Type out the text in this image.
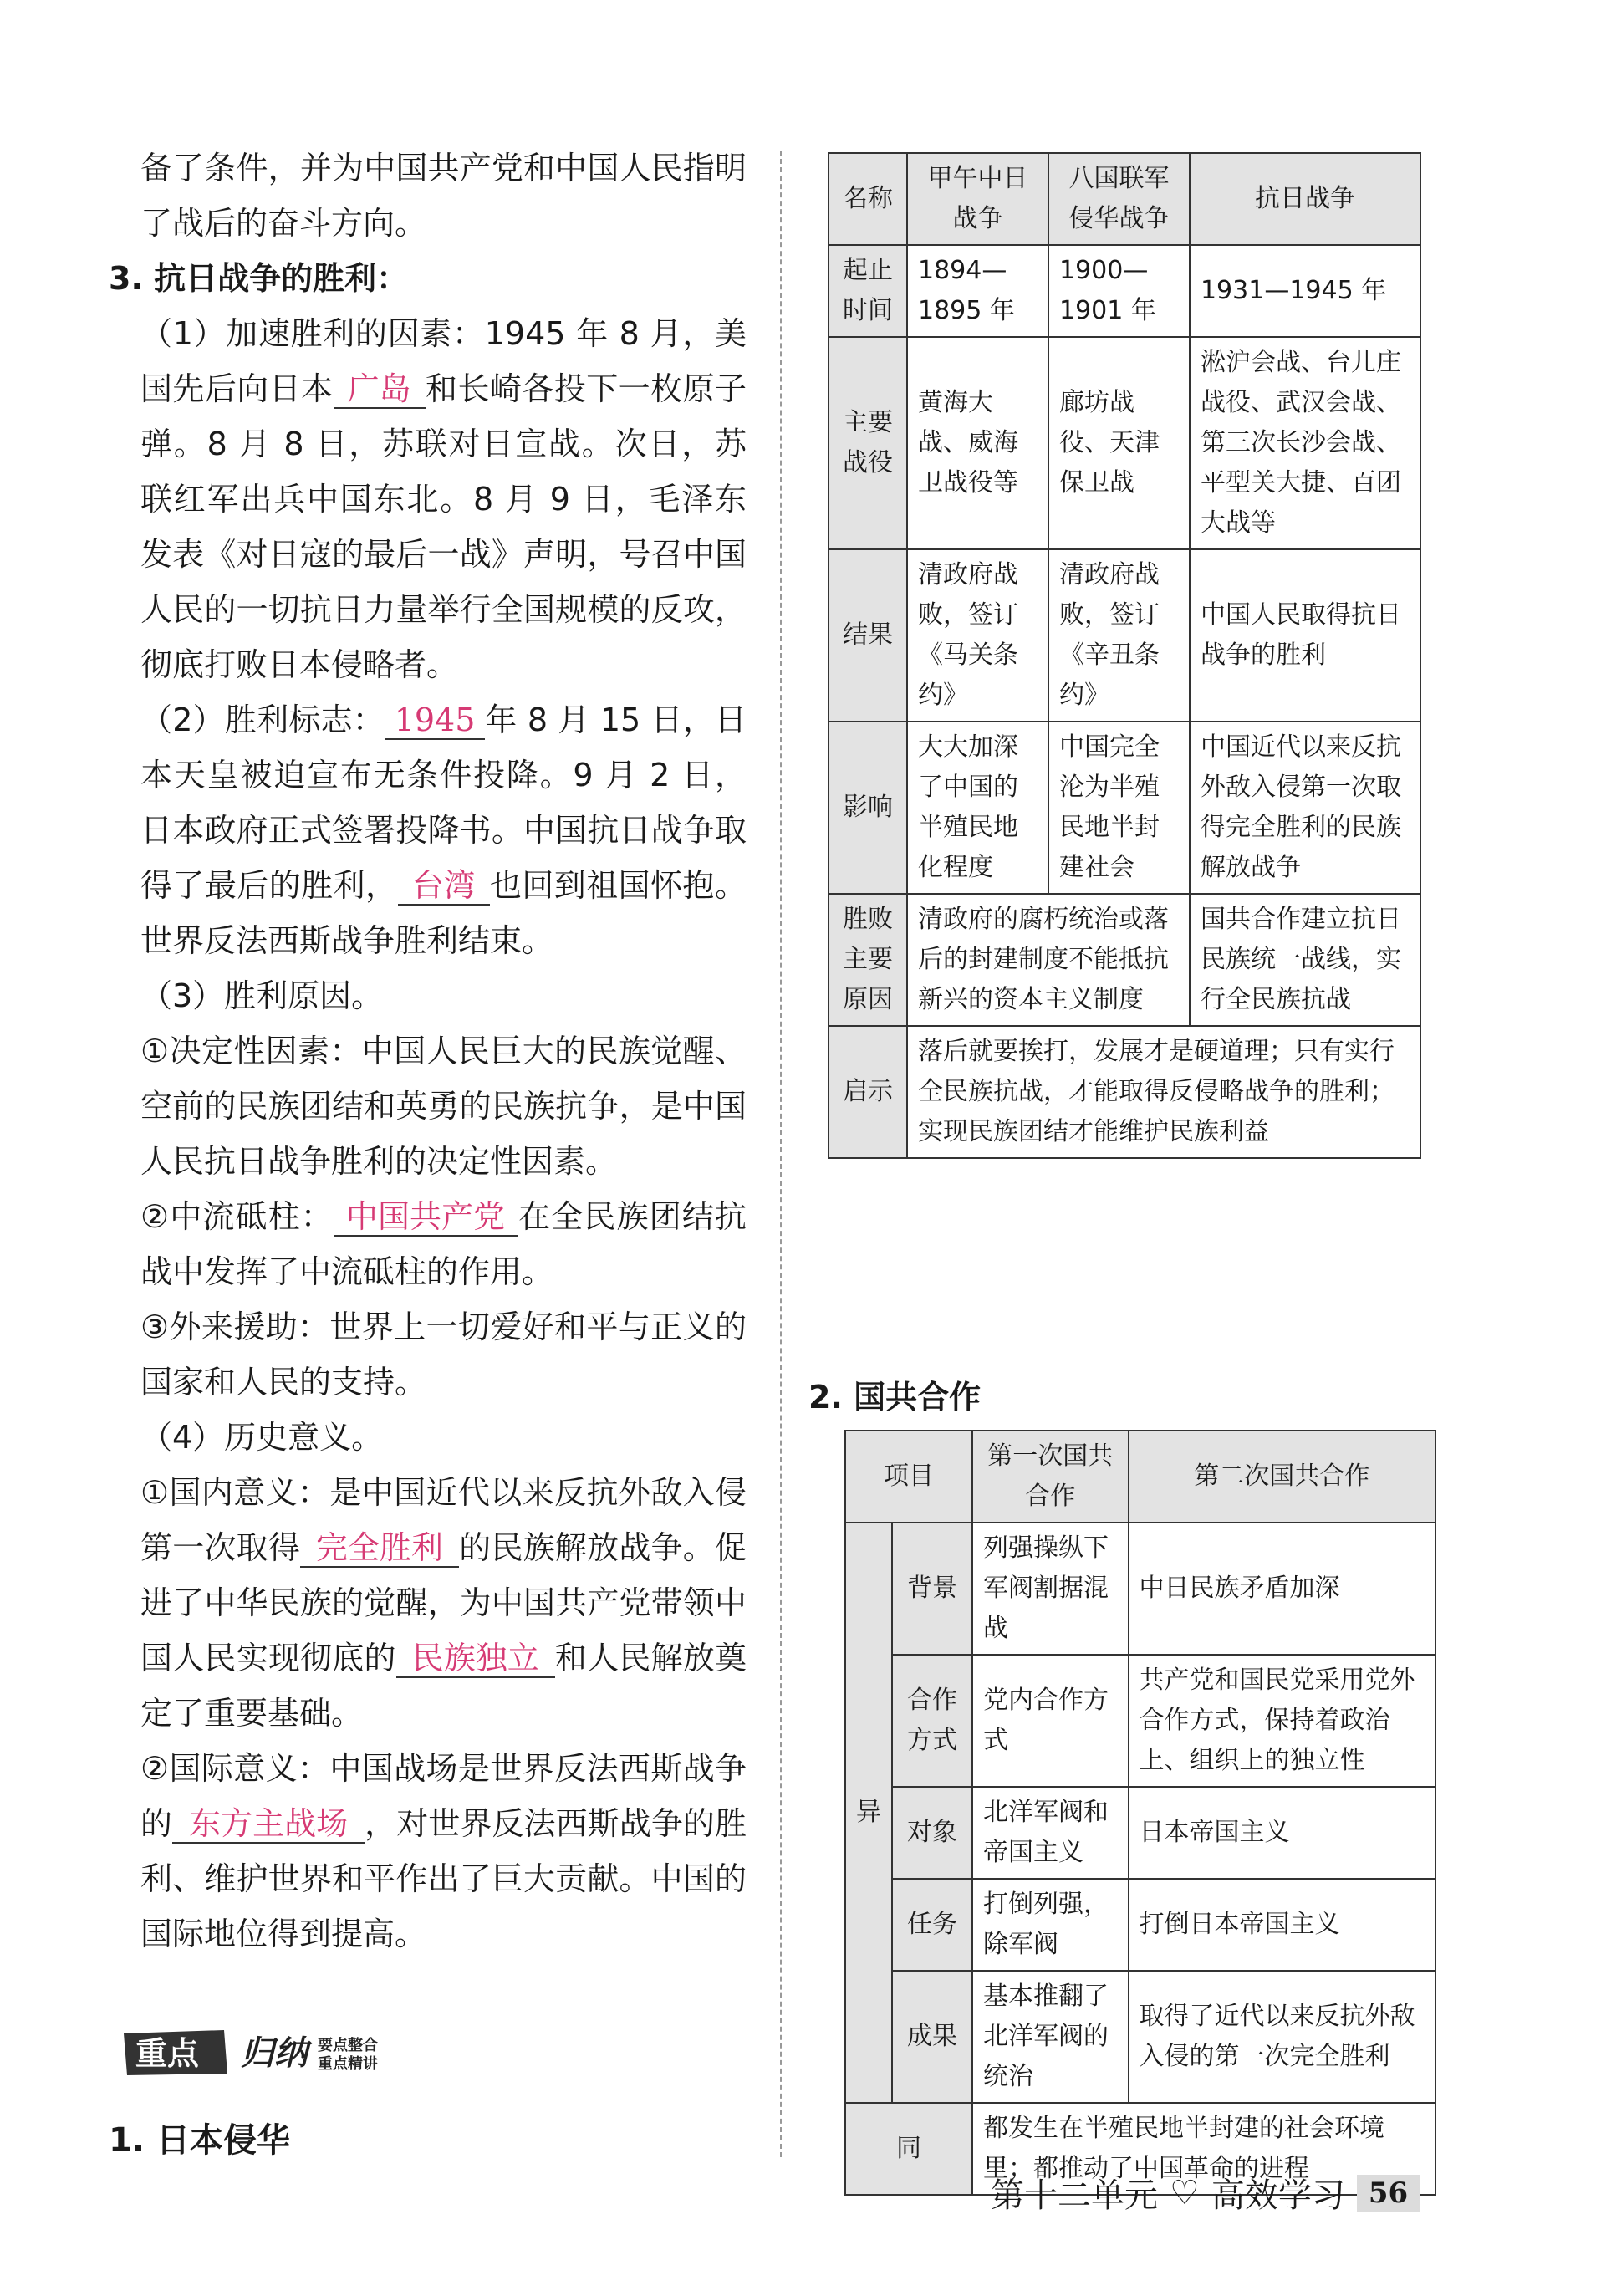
备了条件，并为中国共产党和中国人民指明了战后的奋斗方向。

3. 抗日战争的胜利：

（1）加速胜利的因素：1945 年 8 月，美国先后向日本 广岛 和长崎各投下一枚原子弹。8 月 8 日，苏联对日宣战。次日，苏联红军出兵中国东北。8 月 9 日，毛泽东发表《对日寇的最后一战》声明，号召中国人民的一切抗日力量举行全国规模的反攻，彻底打败日本侵略者。

（2）胜利标志： 1945 年 8 月 15 日，日本天皇被迫宣布无条件投降。9 月 2 日，日本政府正式签署投降书。中国抗日战争取得了最后的胜利， 台湾 也回到祖国怀抱。世界反法西斯战争胜利结束。

（3）胜利原因。

①决定性因素：中国人民巨大的民族觉醒、空前的民族团结和英勇的民族抗争，是中国人民抗日战争胜利的决定性因素。

②中流砥柱： 中国共产党 在全民族团结抗战中发挥了中流砥柱的作用。

③外来援助：世界上一切爱好和平与正义的国家和人民的支持。

（4）历史意义。

①国内意义：是中国近代以来反抗外敌入侵第一次取得 完全胜利 的民族解放战争。促进了中华民族的觉醒，为中国共产党带领中国人民实现彻底的 民族独立 和人民解放奠定了重要基础。

②国际意义：中国战场是世界反法西斯战争的 东方主战场 ，对世界反法西斯战争的胜利、维护世界和平作出了巨大贡献。中国的国际地位得到提高。

重点 归纳 要点整合
重点精讲
1. 日本侵华
名称	甲午中日战争	八国联军侵华战争	抗日战争
起止时间	1894—1895 年	1900—1901 年	1931—1945 年
主要战役	黄海大战、威海卫战役等	廊坊战役、天津保卫战	淞沪会战、台儿庄战役、武汉会战、第三次长沙会战、平型关大捷、百团大战等
结果	清政府战败，签订《马关条约》	清政府战败，签订《辛丑条约》	中国人民取得抗日战争的胜利
影响	大大加深了中国的半殖民地化程度	中国完全沦为半殖民地半封建社会	中国近代以来反抗外敌入侵第一次取得完全胜利的民族解放战争
胜败主要原因	清政府的腐朽统治或落后的封建制度不能抵抗新兴的资本主义制度		国共合作建立抗日民族统一战线，实行全民族抗战
启示	落后就要挨打，发展才是硬道理；只有实行全民族抗战，才能取得反侵略战争的胜利；实现民族团结才能维护民族利益		
2. 国共合作
项目		第一次国共合作	第二次国共合作
异	背景	列强操纵下军阀割据混战	中日民族矛盾加深
	合作方式	党内合作方式	共产党和国民党采用党外合作方式，保持着政治上、组织上的独立性
	对象	北洋军阀和帝国主义	日本帝国主义
	任务	打倒列强，除军阀	打倒日本帝国主义
	成果	基本推翻了北洋军阀的统治	取得了近代以来反抗外敌入侵的第一次完全胜利
同		都发生在半殖民地半封建的社会环境里；都推动了中国革命的进程	
第十二单元 ♡ 高效学习 56
